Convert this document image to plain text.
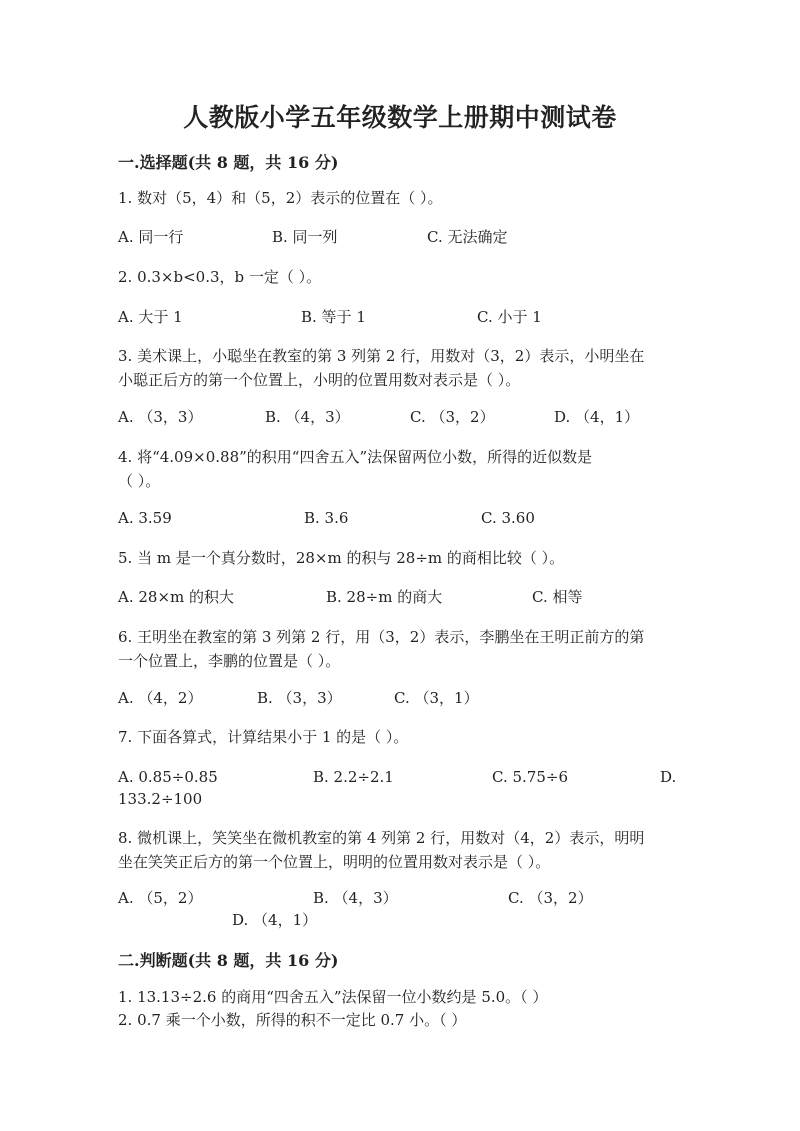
人教版小学五年级数学上册期中测试卷
一.选择题(共 8 题，共 16 分)
1. 数对（5，4）和（5，2）表示的位置在（ ）。
A. 同一行	B. 同一列	C. 无法确定
2. 0.3×b<0.3，b 一定（ ）。
A. 大于 1	B. 等于 1	C. 小于 1
3. 美术课上，小聪坐在教室的第 3 列第 2 行，用数对（3，2）表示，小明坐在
小聪正后方的第一个位置上，小明的位置用数对表示是（ ）。
A. （3，3）	B. （4，3）	C. （3，2）	D. （4，1）
4. 将“4.09×0.88”的积用“四舍五入”法保留两位小数，所得的近似数是
（ ）。
A. 3.59	B. 3.6	C. 3.60
5. 当 m 是一个真分数时，28×m 的积与 28÷m 的商相比较（ ）。
A. 28×m 的积大	B. 28÷m 的商大	C. 相等
6. 王明坐在教室的第 3 列第 2 行，用（3，2）表示，李鹏坐在王明正前方的第
一个位置上，李鹏的位置是（ ）。
A. （4，2）	B. （3，3）	C. （3，1）
7. 下面各算式，计算结果小于 1 的是（ ）。
A. 0.85÷0.85	B. 2.2÷2.1	C. 5.75÷6	D.
133.2÷100
8. 微机课上，笑笑坐在微机教室的第 4 列第 2 行，用数对（4，2）表示，明明
坐在笑笑正后方的第一个位置上，明明的位置用数对表示是（ ）。
A. （5，2）	B. （4，3）	C. （3，2）
D. （4，1）
二.判断题(共 8 题，共 16 分)
1. 13.13÷2.6 的商用“四舍五入”法保留一位小数约是 5.0。（ ）
2. 0.7 乘一个小数，所得的积不一定比 0.7 小。（ ）
